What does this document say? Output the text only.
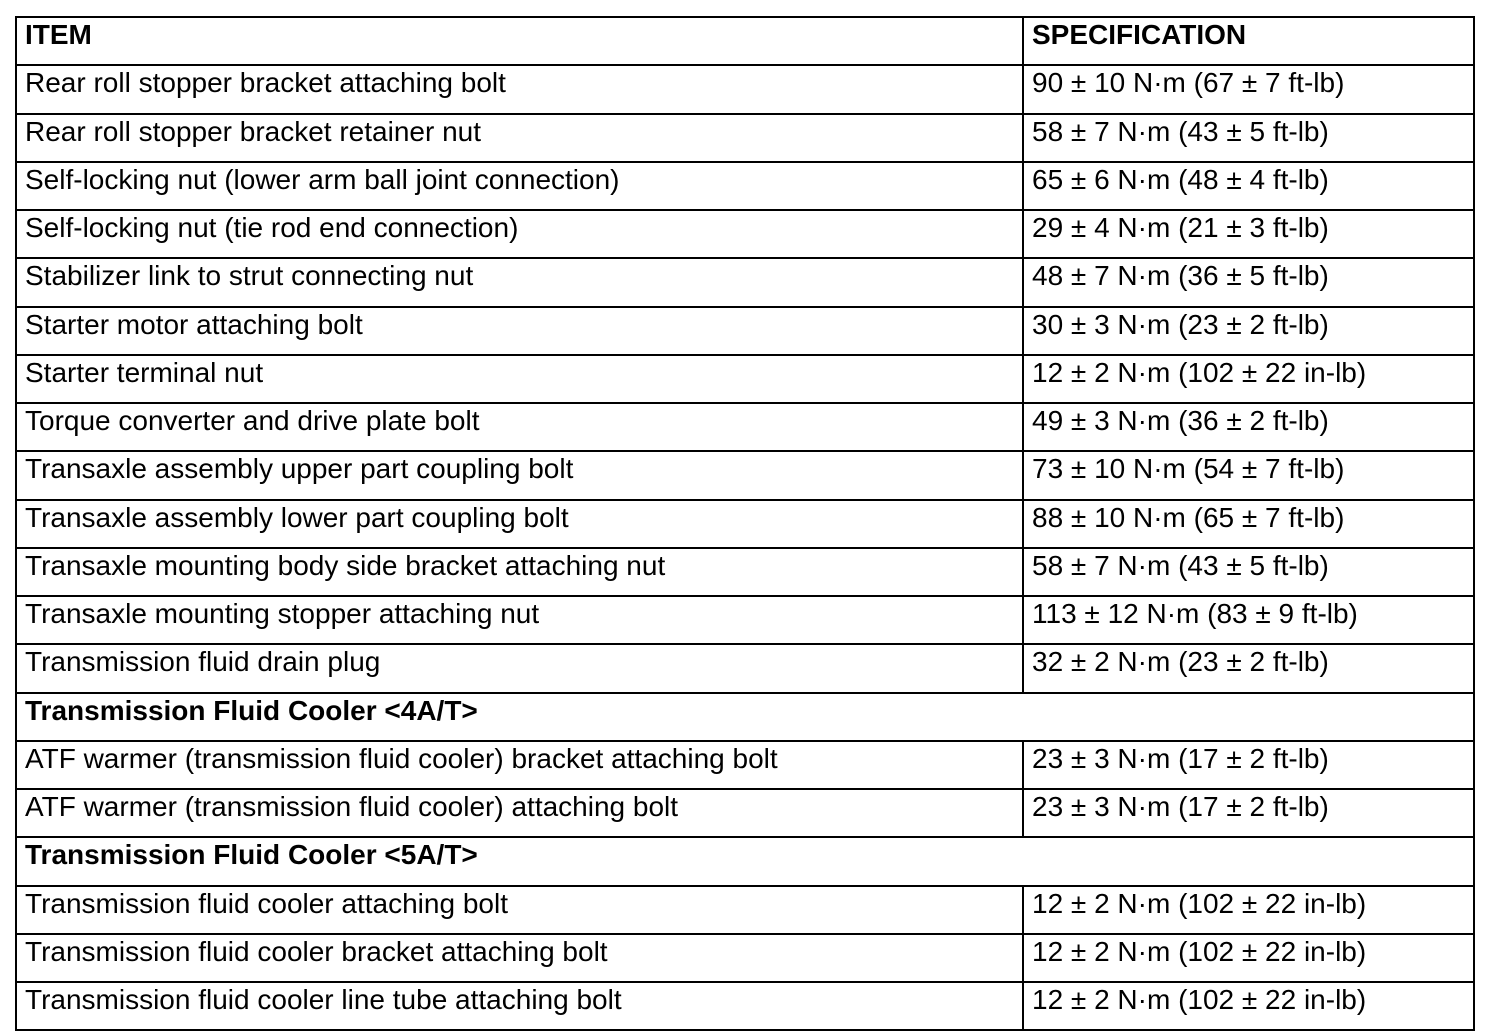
ITEM	SPECIFICATION
Rear roll stopper bracket attaching bolt	90 ± 10 N·m (67 ± 7 ft-lb)
Rear roll stopper bracket retainer nut	58 ± 7 N·m (43 ± 5 ft-lb)
Self-locking nut (lower arm ball joint connection)	65 ± 6 N·m (48 ± 4 ft-lb)
Self-locking nut (tie rod end connection)	29 ± 4 N·m (21 ± 3 ft-lb)
Stabilizer link to strut connecting nut	48 ± 7 N·m (36 ± 5 ft-lb)
Starter motor attaching bolt	30 ± 3 N·m (23 ± 2 ft-lb)
Starter terminal nut	12 ± 2 N·m (102 ± 22 in-lb)
Torque converter and drive plate bolt	49 ± 3 N·m (36 ± 2 ft-lb)
Transaxle assembly upper part coupling bolt	73 ± 10 N·m (54 ± 7 ft-lb)
Transaxle assembly lower part coupling bolt	88 ± 10 N·m (65 ± 7 ft-lb)
Transaxle mounting body side bracket attaching nut	58 ± 7 N·m (43 ± 5 ft-lb)
Transaxle mounting stopper attaching nut	113 ± 12 N·m (83 ± 9 ft-lb)
Transmission fluid drain plug	32 ± 2 N·m (23 ± 2 ft-lb)
Transmission Fluid Cooler <4A/T>	
ATF warmer (transmission fluid cooler) bracket attaching bolt	23 ± 3 N·m (17 ± 2 ft-lb)
ATF warmer (transmission fluid cooler) attaching bolt	23 ± 3 N·m (17 ± 2 ft-lb)
Transmission Fluid Cooler <5A/T>	
Transmission fluid cooler attaching bolt	12 ± 2 N·m (102 ± 22 in-lb)
Transmission fluid cooler bracket attaching bolt	12 ± 2 N·m (102 ± 22 in-lb)
Transmission fluid cooler line tube attaching bolt	12 ± 2 N·m (102 ± 22 in-lb)
